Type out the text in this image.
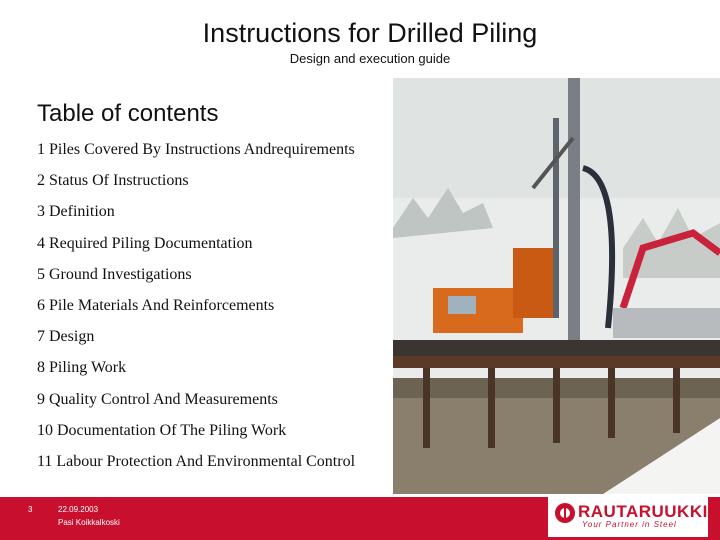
Instructions for Drilled Piling
Design and execution guide
Table of contents
1 Piles Covered By Instructions Andrequirements
2 Status Of Instructions
3 Definition
4 Required Piling Documentation
5 Ground Investigations
6 Pile Materials And Reinforcements
7 Design
8 Piling Work
9 Quality Control And Measurements
10 Documentation Of The Piling Work
11 Labour Protection And Environmental Control
3	22.09.2003
Pasi Koikkalkoski
RAUTARUUKKI
Your Partner in Steel
